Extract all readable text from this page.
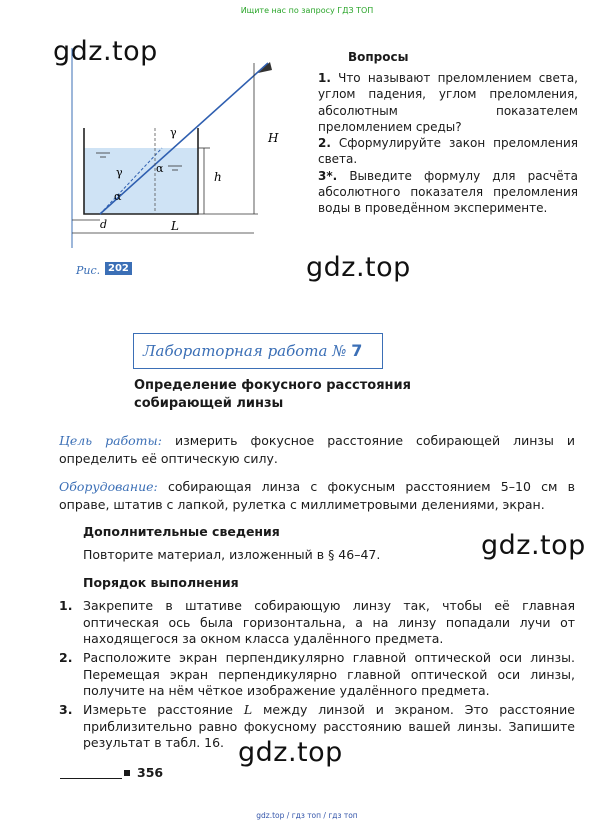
Ищите нас по запросу ГДЗ ТОП
gdz.top
H
h
d	L
γ
γ
α
α
Рис. 202
Вопросы
1. Что называют преломлением света, углом падения, углом преломления, абсолютным показателем преломлением среды?
2. Сформулируйте закон преломления света.
3*. Выведите формулу для расчёта абсолютного показателя преломления воды в проведённом эксперименте.
gdz.top
Лабораторная работа № 7
Определение фокусного расстояния собирающей линзы
Цель работы: измерить фокусное расстояние собирающей линзы и определить её оптическую силу.
Оборудование: собирающая линза с фокусным расстоянием 5–10 см в оправе, штатив с лапкой, рулетка с миллиметровыми делениями, экран.
Дополнительные сведения
Повторите материал, изложенный в § 46–47.	gdz.top
Порядок выполнения
1. Закрепите в штативе собирающую линзу так, чтобы её главная оптическая ось была горизонтальна, а на линзу попадали лучи от находящегося за окном класса удалённого предмета.
2. Расположите экран перпендикулярно главной оптической оси линзы. Перемещая экран перпендикулярно главной оптической оси линзы, получите на нём чёткое изображение удалённого предмета.
3. Измерьте расстояние L между линзой и экраном. Это расстояние приблизительно равно фокусному расстоянию вашей линзы. Запишите результат в табл. 16. gdz.top
356
gdz.top / гдз топ / гдз топ
